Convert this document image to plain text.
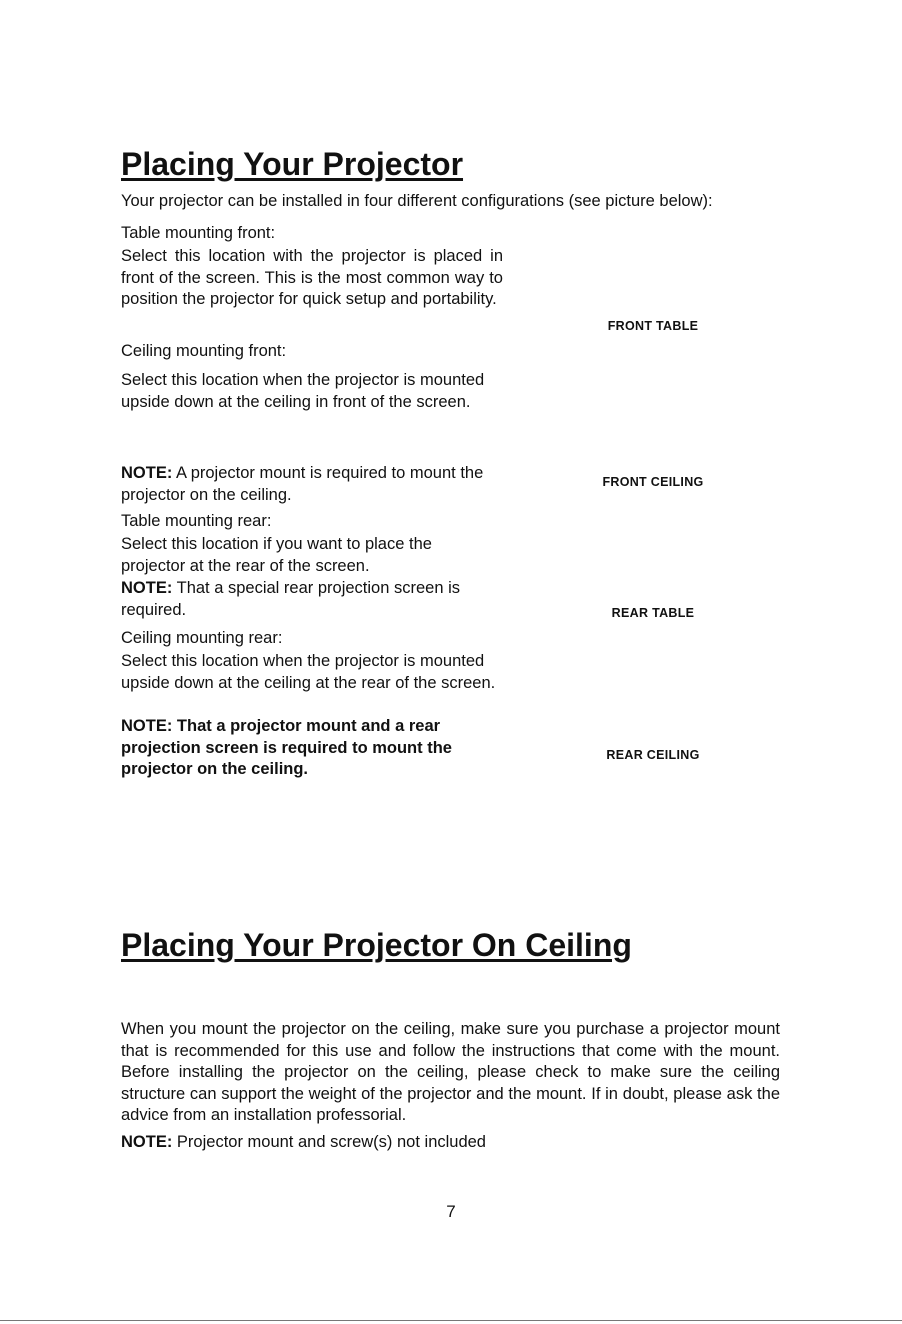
Placing Your Projector

Your projector can be installed in four different configurations (see picture below):

Table mounting front:

Select this location with the projector is placed in front of the screen. This is the most common way to position the projector for quick setup and portability.

Ceiling mounting front:

Select this location when the projector is mounted upside down at the ceiling in front of the screen.

NOTE: A projector mount is required to mount the projector on the ceiling.

Table mounting rear:

Select this location if you want to place the projector at the rear of the screen.

NOTE: That a special rear projection screen is required.

Ceiling mounting rear:

Select this location when the projector is mounted upside down at the ceiling at the rear of the screen.

NOTE: That a projector mount and a rear projection screen is required to mount the projector on the ceiling.

FRONT TABLE
FRONT CEILING
REAR TABLE
REAR CEILING
Placing Your Projector On Ceiling

When you mount the projector on the ceiling, make sure you purchase a projector mount that is recommended for this use and follow the instructions that come with the mount. Before installing the projector on the ceiling, please check to make sure the ceiling structure can support the weight of the projector and the mount. If in doubt, please ask the advice from an installation professorial.

NOTE: Projector mount and screw(s) not included

7
